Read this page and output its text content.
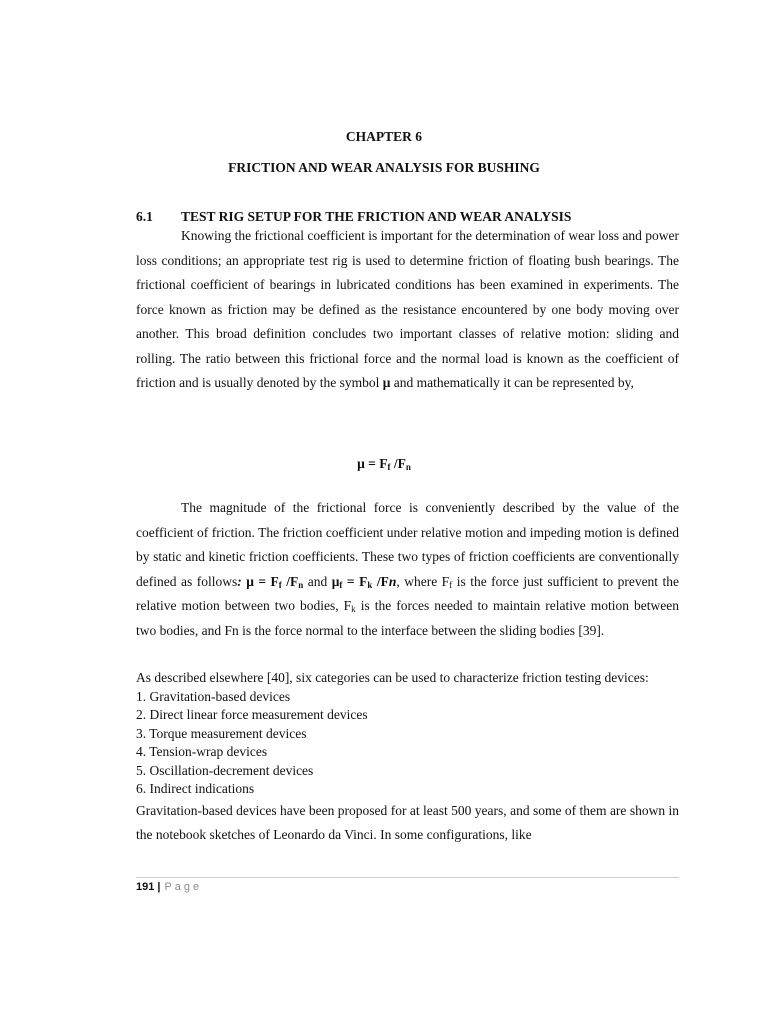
CHAPTER 6
FRICTION AND WEAR ANALYSIS FOR BUSHING
6.1 TEST RIG SETUP FOR THE FRICTION AND WEAR ANALYSIS

Knowing the frictional coefficient is important for the determination of wear loss and power loss conditions; an appropriate test rig is used to determine friction of floating bush bearings. The frictional coefficient of bearings in lubricated conditions has been examined in experiments. The force known as friction may be defined as the resistance encountered by one body moving over another. This broad definition concludes two important classes of relative motion: sliding and rolling. The ratio between this frictional force and the normal load is known as the coefficient of friction and is usually denoted by the symbol μ and mathematically it can be represented by,

$\mu = F_f$ $/F_n$

The magnitude of the frictional force is conveniently described by the value of the coefficient of friction. The friction coefficient under relative motion and impeding motion is defined by static and kinetic friction coefficients. These two types of friction coefficients are conventionally defined as follows: $\mu = F_f$ $/F_n$ and $\mu_f = F_k$ /Fn, where $F_f$ is the force just sufficient to prevent the relative motion between two bodies, $F_k$ is the forces needed to maintain relative motion between two bodies, and Fn is the force normal to the interface between the sliding bodies [39].

As described elsewhere [40], six categories can be used to characterize friction testing devices:

1. Gravitation-based devices
2. Direct linear force measurement devices
3. Torque measurement devices
4. Tension-wrap devices
5. Oscillation-decrement devices
6. Indirect indications

Gravitation-based devices have been proposed for at least 500 years, and some of them are shown in the notebook sketches of Leonardo da Vinci. In some configurations, like

191 | Page
